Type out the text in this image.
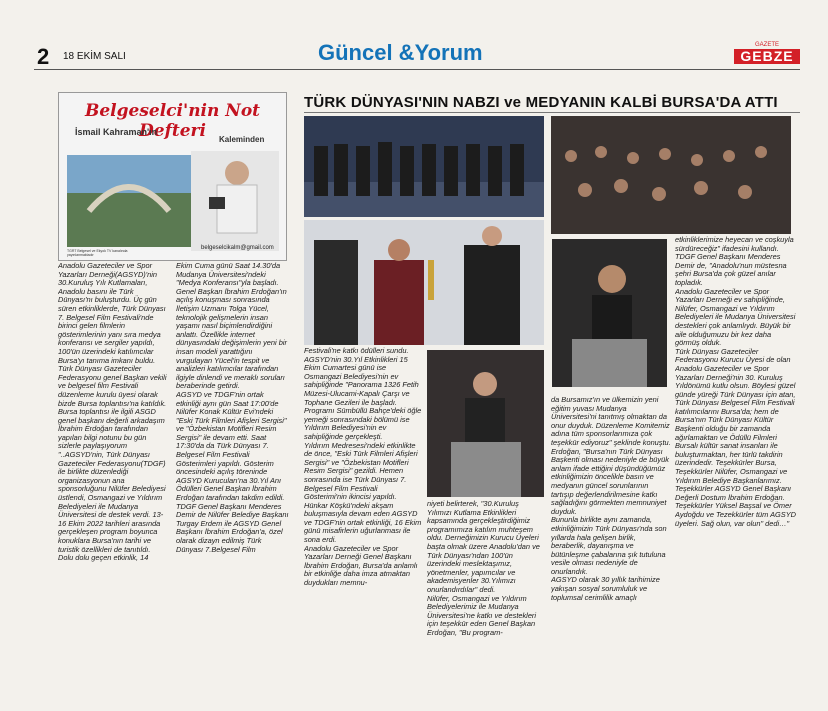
2 18 EKİM SALI	Güncel &Yorum	GAZETE
GEBZE
Belgeselci'nin Not Defteri
İsmail Kahraman'ın
Kaleminden
belgeselcikalm@gmail.com
TGRT Belgesel ve Ekyok TV kanalında yayınlanmaktadır
TÜRK DÜNYASI'NIN NABZI ve MEDYANIN KALBİ BURSA'DA ATTI

Anadolu Gazeteciler ve Spor Yazarları Derneği(AGSYD)'nin 30.Kuruluş Yılı Kutlamaları, Anadolu basını ile Türk Dünyası'nı buluşturdu. Üç gün süren etkinliklerde, Türk Dünyası 7. Belgesel Film Festivali'nde birinci gelen filmlerin gösterimlerinin yanı sıra medya konferansı ve sergiler yapıldı, 100'ün üzerindeki katılımcılar Bursa'yı tanıma imkanı buldu.
Türk Dünyası Gazeteciler Federasyonu genel Başkan vekili ve belgesel film Festivali düzenleme kurulu üyesi olarak bizde Bursa toplantısı'na katıldık. Bursa toplantısı ile ilgili ASGD genel başkanı değerli arkadaşım İbrahim Erdoğan tarafından yapılan bilgi notunu bu gün sizlerle paylaşıyorum
"..AGSYD'nin, Türk Dünyası Gazeteciler Federasyonu(TDGF) ile birlikte düzenlediği organizasyonun ana sponsorluğunu Nilüfer Belediyesi üstlendi, Osmangazi ve Yıldırım Belediyeleri ile Mudanya Üniversitesi de destek verdi. 13-16 Ekim 2022 tarihleri arasında gerçekleşen program boyunca konuklara Bursa'nın tarihi ve turistik özellikleri de tanıtıldı.
Dolu dolu geçen etkinlik, 14

Ekim Cuma günü Saat 14.30'da Mudanya Üniversitesi'ndeki "Medya Konferansı"yla başladı. Genel Başkan İbrahim Erdoğan'ın açılış konuşması sonrasında İletişim Uzmanı Tolga Yücel, teknolojik gelişmelerin insan yaşamı nasıl biçimlendirdiğini anlattı. Özellikle internet dünyasındaki değişimlerin yeni bir insan modeli yarattığını vurgulayan Yücel'in tespit ve analizleri katılımcılar tarafından ilgiyle dinlendi ve meraklı soruları beraberinde getirdi.
AGSYD ve TDGF'nin ortak etkinliği aynı gün Saat 17:00'de Nilüfer Konak Kültür Evi'ndeki "Eski Türk Filmleri Afişleri Sergisi" ve "Özbekistan Motifleri Resim Sergisi" ile devam etti. Saat 17:30'da da Türk Dünyası 7. Belgesel Film Festivali Gösterimleri yapıldı. Gösterim öncesindeki açılış töreninde AGSYD Kurucuları'na 30.Yıl Anı Ödülleri Genel Başkan İbrahim Erdoğan tarafından takdim edildi.
TDGF Genel Başkanı Menderes Demir de Nilüfer Belediye Başkanı Turgay Erdem ile AGSYD Genel Başkanı İbrahim Erdoğan'a, özel olarak dizayn edilmiş Türk Dünyası 7.Belgesel Film

Festivali'ne katkı ödülleri sundu.
AGSYD'nin 30.Yıl Etkinlikleri 15 Ekim Cumartesi günü ise Osmangazi Belediyesi'nin ev sahipliğinde "Panorama 1326 Fetih Müzesi-Ulucami-Kapalı Çarşı ve Tophane Gezileri ile başladı. Programı Sümbüllü Bahçe'deki öğle yemeği sonrasındaki bölümü ise Yıldırım Belediyesi'nin ev sahipliğinde gerçekleşti.
Yıldırım Medresesi'ndeki etkinlikte de önce, "Eski Türk Filmleri Afişleri Sergisi" ve "Özbekistan Motifleri Resim Sergisi" gezildi. Hemen sonrasında ise Türk Dünyası 7. Belgesel Film Festivali Gösterimi'nin ikincisi yapıldı.
Hünkar Köşkü'ndeki akşam buluşmasıyla devam eden AGSYD ve TDGF'nin ortak etkinliği, 16 Ekim günü misafirlerin uğurlanması ile sona erdi.
Anadolu Gazeteciler ve Spor Yazarları Derneği Genel Başkanı İbrahim Erdoğan, Bursa'da anlamlı bir etkinliğe daha imza atmaktan duydukları memnu-

niyeti belirterek, "30.Kuruluş Yılımızı Kutlama Etkinlikleri kapsamında gerçekleştirdiğimiz programımıza katılım muhteşem oldu. Derneğimizin Kurucu Üyeleri başta olmak üzere Anadolu'dan ve Türk Dünyası'ndan 100'ün üzerindeki meslektaşımız, yönetmenler, yapımcılar ve akademisyenler 30.Yılımızı onurlandırdılar" dedi.
Nilüfer, Osmangazi ve Yıldırım Belediyelerimiz ile Mudanya Üniversitesi'ne katkı ve destekleri için teşekkür eden Genel Başkan Erdoğan, "Bu program-

da Bursamız'ın ve ülkemizin yeni eğitim yuvası Mudanya Üniversitesi'ni tanıtmış olmaktan da onur duyduk. Düzenleme Komitemiz adına tüm sponsorlarımıza çok teşekkür ediyoruz" şeklinde konuştu.
Erdoğan, "Bursa'nın Türk Dünyası Başkenti olması nedeniyle de büyük anlam ifade ettiğini düşündüğümüz etkinliğimizin öncelikle basın ve medyanın güncel sorunlarının tartışıp değerlendirilmesine katkı sağladığını görmekten memnuniyet duyduk.
Bununla birlikte aynı zamanda, etkinliğimizin Türk Dünyası'nda son yıllarda hala gelişen birlik, beraberlik, dayanışma ve bütünleşme çabalarına şık tutuluna vesile olması nedeniyle de onurlandık.
AGSYD olarak 30 yıllık tarihimize yakışan sosyal sorumluluk ve toplumsal cerimlilik amaçlı

etkinliklerimize heyecan ve coşkuyla sürdüreceğiz" ifadesini kullandı.
TDGF Genel Başkanı Menderes Demir de, "Anadolu'nun müstesna şehri Bursa'da çok güzel anılar topladık.
Anadolu Gazeteciler ve Spor Yazarları Derneği ev sahipliğinde, Nilüfer, Osmangazi ve Yıldırım Belediyeleri ile Mudanya Üniversitesi destekleri çok anlamlıydı. Büyük bir aile olduğumuzu bir kez daha görmüş olduk.
Türk Dünyası Gazeteciler Federasyonu Kurucu Üyesi de olan Anadolu Gazeteciler ve Spor Yazarları Derneği'nin 30. Kuruluş Yıldönümü kutlu olsun. Böylesi güzel günde yüreği Türk Dünyası için atan, Türk Dünyası Belgesel Film Festivali katılımcılarını Bursa'da; hem de Bursa'nın Türk Dünyası Kültür Başkenti olduğu bir zamanda ağırlamaktan ve Ödüllü Filmleri Bursalı kültür sanat insanları ile buluşturmaktan, her türlü takdirin üzerindedir. Teşekkürler Bursa, Teşekkürler Nilüfer, Osmangazi ve Yıldırım Belediye Başkanlarımız. Teşekkürler AGSYD Genel Başkanı Değerli Dostum İbrahim Erdoğan. Teşekkürler Yüksel Başsal ve Ömer Aydoğdu ve Tezekkürler tüm AGSYD üyeleri. Sağ olun, var olun" dedi…"
